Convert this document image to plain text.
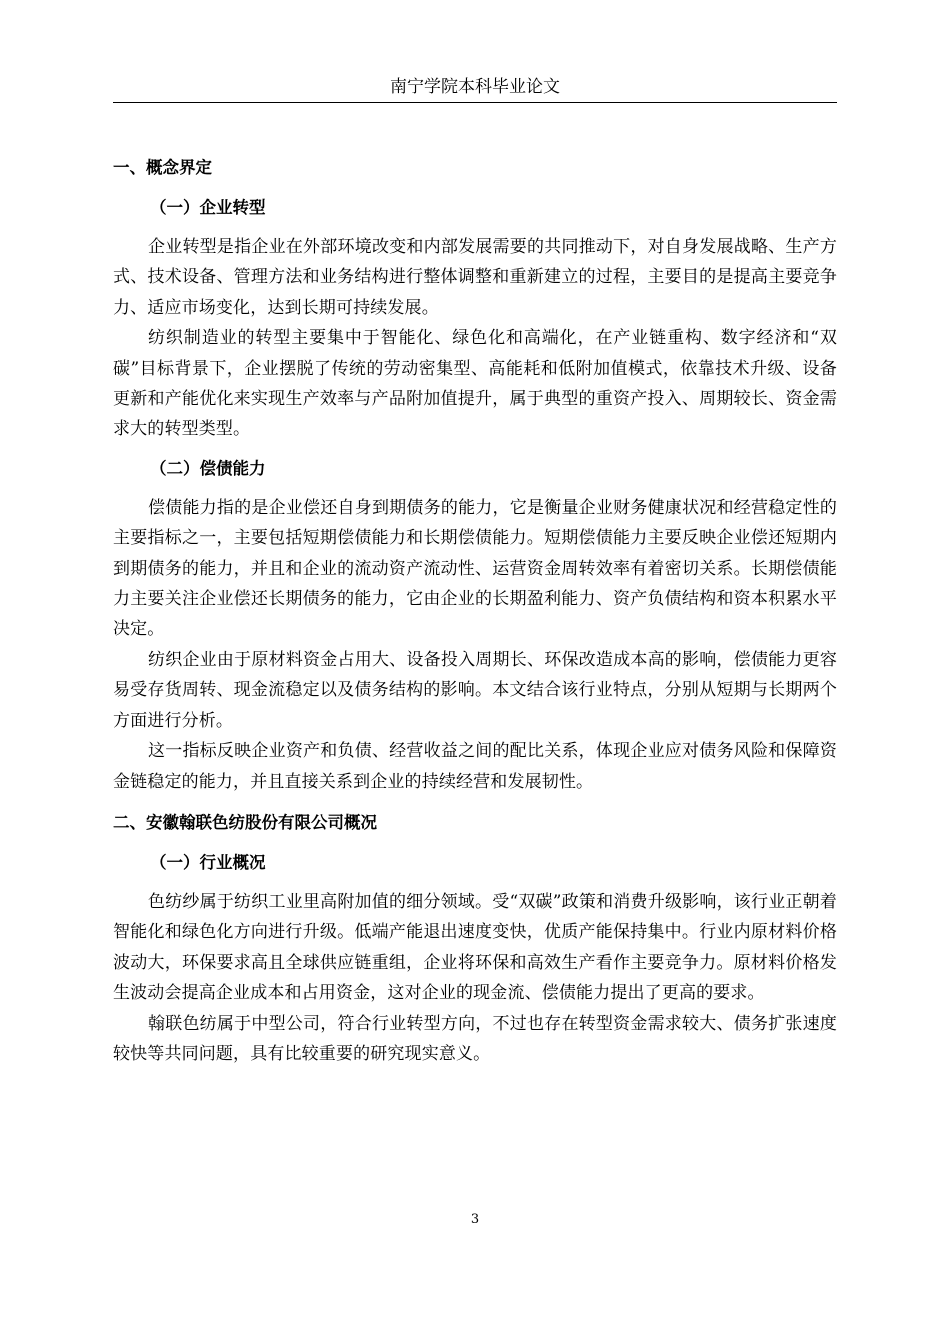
南宁学院本科毕业论文
一、概念界定
（一）企业转型

企业转型是指企业在外部环境改变和内部发展需要的共同推动下，对自身发展战略、生产方式、技术设备、管理方法和业务结构进行整体调整和重新建立的过程，主要目的是提高主要竞争力、适应市场变化，达到长期可持续发展。

纺织制造业的转型主要集中于智能化、绿色化和高端化，在产业链重构、数字经济和“双碳”目标背景下，企业摆脱了传统的劳动密集型、高能耗和低附加值模式，依靠技术升级、设备更新和产能优化来实现生产效率与产品附加值提升，属于典型的重资产投入、周期较长、资金需求大的转型类型。

（二）偿债能力

偿债能力指的是企业偿还自身到期债务的能力，它是衡量企业财务健康状况和经营稳定性的主要指标之一，主要包括短期偿债能力和长期偿债能力。短期偿债能力主要反映企业偿还短期内到期债务的能力，并且和企业的流动资产流动性、运营资金周转效率有着密切关系。长期偿债能力主要关注企业偿还长期债务的能力，它由企业的长期盈利能力、资产负债结构和资本积累水平决定。

纺织企业由于原材料资金占用大、设备投入周期长、环保改造成本高的影响，偿债能力更容易受存货周转、现金流稳定以及债务结构的影响。本文结合该行业特点，分别从短期与长期两个方面进行分析。

这一指标反映企业资产和负债、经营收益之间的配比关系，体现企业应对债务风险和保障资金链稳定的能力，并且直接关系到企业的持续经营和发展韧性。

二、安徽翰联色纺股份有限公司概况
（一）行业概况

色纺纱属于纺织工业里高附加值的细分领域。受“双碳”政策和消费升级影响，该行业正朝着智能化和绿色化方向进行升级。低端产能退出速度变快，优质产能保持集中。行业内原材料价格波动大，环保要求高且全球供应链重组，企业将环保和高效生产看作主要竞争力。原材料价格发生波动会提高企业成本和占用资金，这对企业的现金流、偿债能力提出了更高的要求。

翰联色纺属于中型公司，符合行业转型方向，不过也存在转型资金需求较大、债务扩张速度较快等共同问题，具有比较重要的研究现实意义。

3
